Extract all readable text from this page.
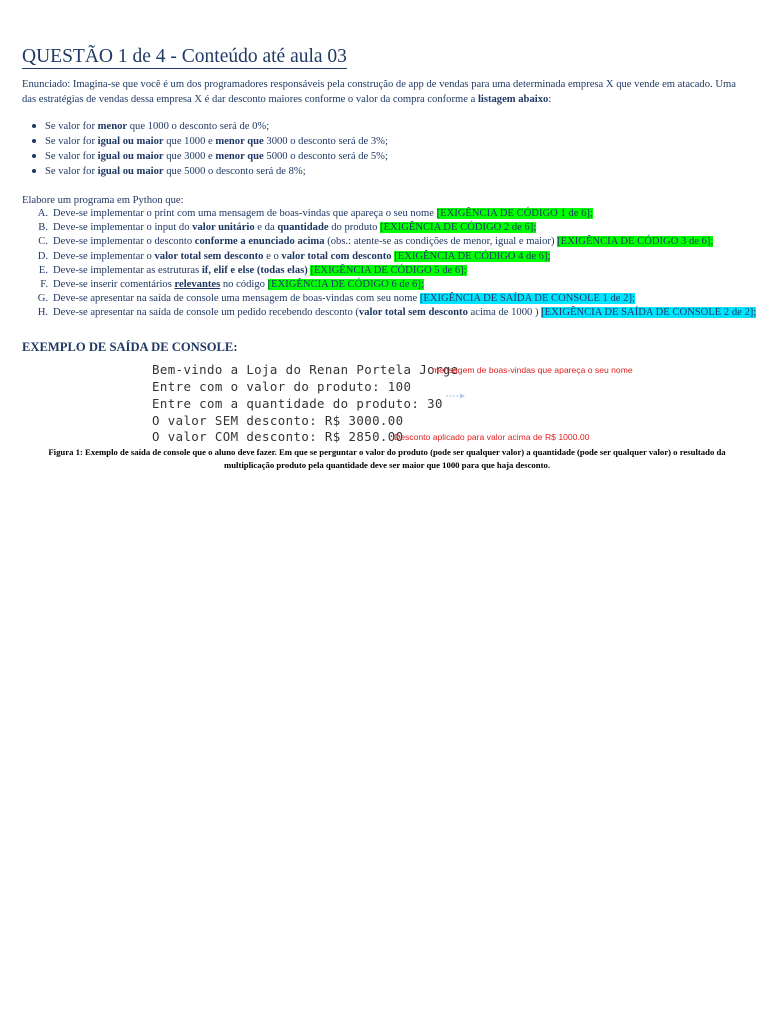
QUESTÃO 1 de 4 - Conteúdo até aula 03
Enunciado: Imagina-se que você é um dos programadores responsáveis pela construção de app de vendas para uma determinada empresa X que vende em atacado. Uma das estratégias de vendas dessa empresa X é dar desconto maiores conforme o valor da compra conforme a listagem abaixo:
Se valor for menor que 1000 o desconto será de 0%;
Se valor for igual ou maior que 1000 e menor que 3000 o desconto será de 3%;
Se valor for igual ou maior que 3000 e menor que 5000 o desconto será de 5%;
Se valor for igual ou maior que 5000 o desconto será de 8%;
Elabore um programa em Python que:
A. Deve-se implementar o print com uma mensagem de boas-vindas que apareça o seu nome [EXIGÊNCIA DE CÓDIGO 1 de 6];
B. Deve-se implementar o input do valor unitário e da quantidade do produto [EXIGÊNCIA DE CÓDIGO 2 de 6];
C. Deve-se implementar o desconto conforme a enunciado acima (obs.: atente-se as condições de menor, igual e maior) [EXIGÊNCIA DE CÓDIGO 3 de 6];
D. Deve-se implementar o valor total sem desconto e o valor total com desconto [EXIGÊNCIA DE CÓDIGO 4 de 6];
E. Deve-se implementar as estruturas if, elif e else (todas elas) [EXIGÊNCIA DE CÓDIGO 5 de 6];
F. Deve-se inserir comentários relevantes no código [EXIGÊNCIA DE CÓDIGO 6 de 6];
G. Deve-se apresentar na saída de console uma mensagem de boas-vindas com seu nome [EXIGÊNCIA DE SAÍDA DE CONSOLE 1 de 2];
H. Deve-se apresentar na saída de console um pedido recebendo desconto (valor total sem desconto acima de 1000 ) [EXIGÊNCIA DE SAÍDA DE CONSOLE 2 de 2];
EXEMPLO DE SAÍDA DE CONSOLE:
Bem-vindo a Loja do Renan Portela Jorge
mensagem de boas-vindas que apareça o seu nome
Entre com o valor do produto: 100
Entre com a quantidade do produto: 30
O valor SEM desconto: R$ 3000.00
O valor COM desconto: R$ 2850.00
Desconto aplicado para valor acima de R$ 1000.00
Figura 1: Exemplo de saída de console que o aluno deve fazer. Em que se perguntar o valor do produto (pode ser qualquer valor) a quantidade (pode ser qualquer valor) o resultado da multiplicação produto pela quantidade deve ser maior que 1000 para que haja desconto.
